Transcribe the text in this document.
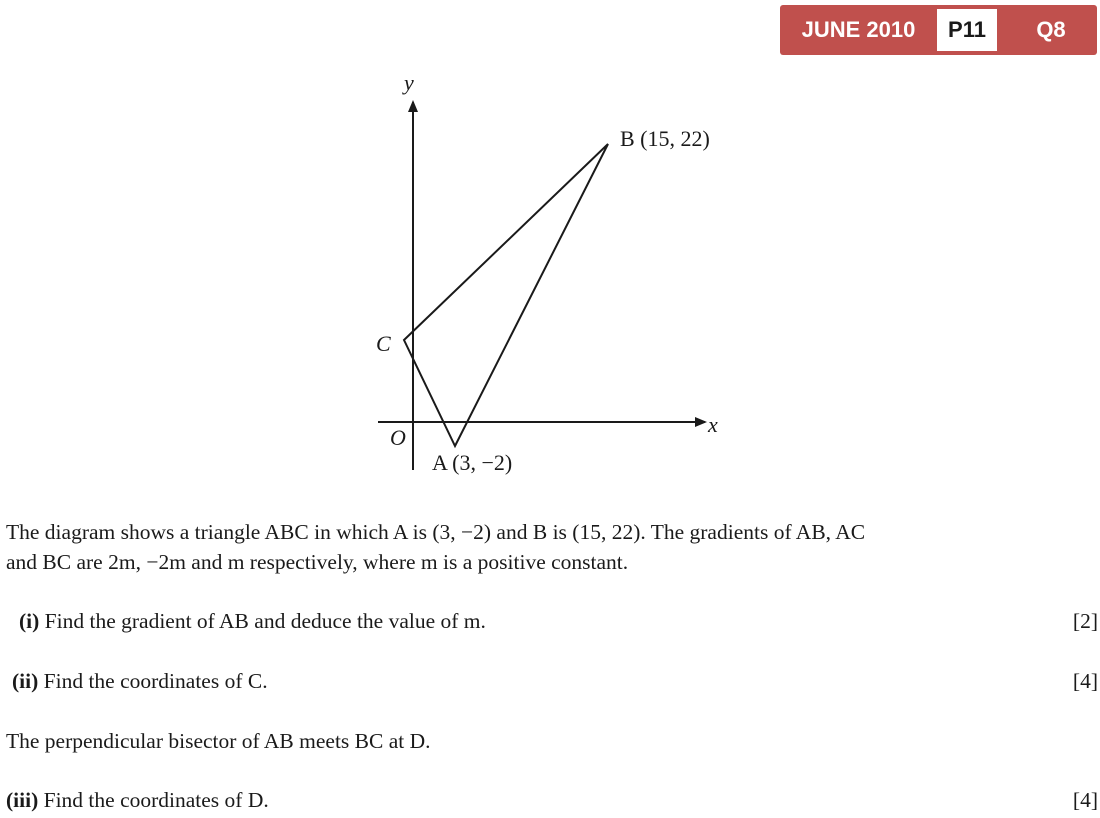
JUNE 2010	P11	Q8
y
x
O
B (15, 22)
C
A (3, −2)
The diagram shows a triangle ABC in which A is (3, −2) and B is (15, 22). The gradients of AB, AC
and BC are 2m, −2m and m respectively, where m is a positive constant.
(i) Find the gradient of AB and deduce the value of m.	[2]
(ii) Find the coordinates of C.	[4]
The perpendicular bisector of AB meets BC at D.
(iii) Find the coordinates of D.	[4]
